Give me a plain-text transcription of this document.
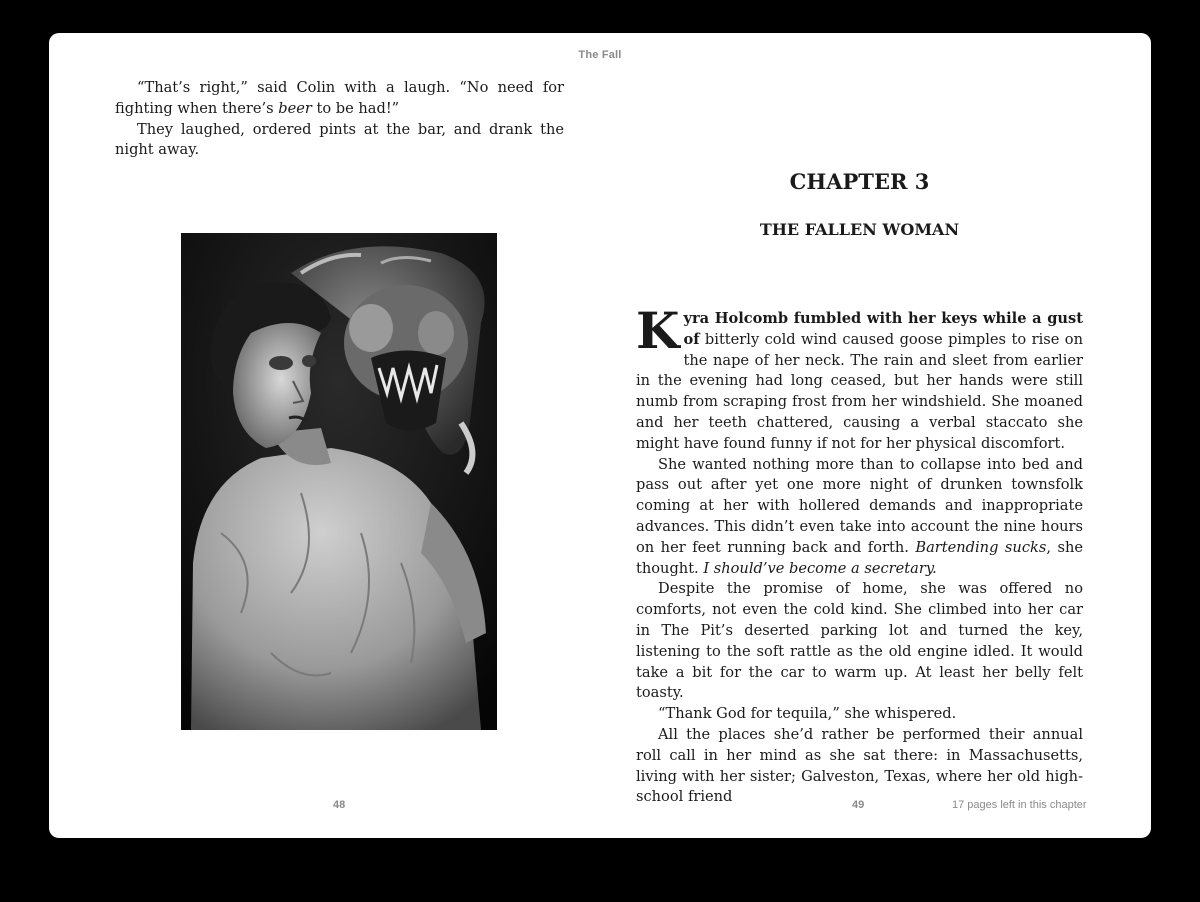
The Fall

“That’s right,” said Colin with a laugh. “No need for fighting when there’s beer to be had!”

They laughed, ordered pints at the bar, and drank the night away.

48
CHAPTER 3
THE FALLEN WOMAN

Kyra Holcomb fumbled with her keys while a gust of bitterly cold wind caused goose pimples to rise on the nape of her neck. The rain and sleet from earlier in the evening had long ceased, but her hands were still numb from scraping frost from her windshield. She moaned and her teeth chattered, causing a verbal staccato she might have found funny if not for her physical discomfort.

She wanted nothing more than to collapse into bed and pass out after yet one more night of drunken townsfolk coming at her with hollered demands and inappropriate advances. This didn’t even take into account the nine hours on her feet running back and forth. Bartending sucks, she thought. I should’ve become a secretary.

Despite the promise of home, she was offered no comforts, not even the cold kind. She climbed into her car in The Pit’s deserted parking lot and turned the key, listening to the soft rattle as the old engine idled. It would take a bit for the car to warm up. At least her belly felt toasty.

“Thank God for tequila,” she whispered.

All the places she’d rather be performed their annual roll call in her mind as she sat there: in Massachusetts, living with her sister; Galveston, Texas, where her old high-school friend	49	17 pages left in this chapter
